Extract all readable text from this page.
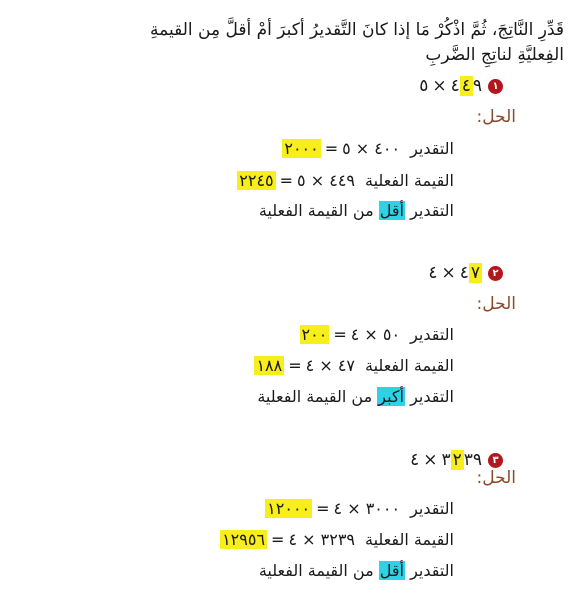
قَدِّرِ النَّاتِجَ، ثُمَّ اذْكُرْ مَا إذا كانَ التَّقديرُ أكبرَ أمْ أقلَّ مِن القيمةِ
الفِعليَّةِ لناتِجِ الضَّربِ
١
٥ × ٤ ٤ ٩
الحل:
التقدير
٢٠٠٠ = ٤٠٠ × ٥
القيمة الفعلية
٢٢٤٥ = ٤٤٩ × ٥
التقدير أقل من القيمة الفعلية
٢
٤ × ٤ ٧
الحل:
التقدير
٢٠٠ = ٥٠ × ٤
القيمة الفعلية
١٨٨ = ٤٧ × ٤
التقدير أكبر من القيمة الفعلية
٣
٤ × ٣ ٢ ٣٩
الحل:
التقدير
١٢٠٠٠ = ٣٠٠٠ × ٤
القيمة الفعلية
١٢٩٥٦ = ٣٢٣٩ × ٤
التقدير أقل من القيمة الفعلية
